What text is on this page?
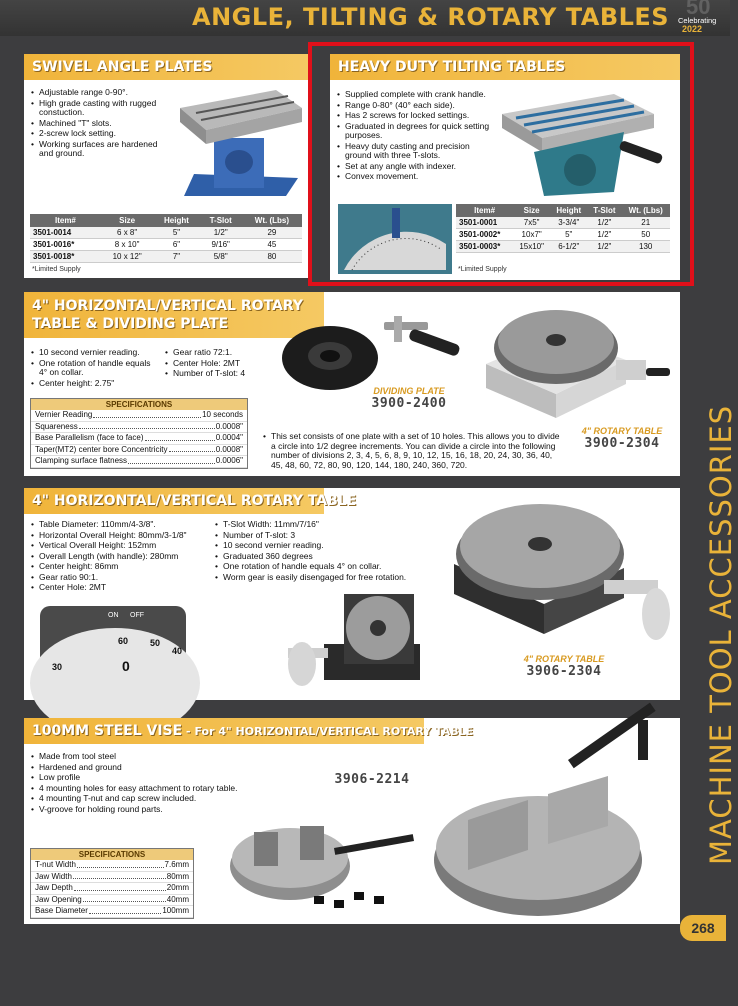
ANGLE, TILTING & ROTARY TABLES 50
Celebrating
2022
SWIVEL ANGLE PLATES
• Adjustable range 0-90°.
• High grade casting with rugged constuction.
• Machined "T" slots.
• 2-screw lock setting.
• Working surfaces are hardened and ground.
Item#	Size	Height	T-Slot	Wt. (Lbs)
3501-0014	6 x 8"	5"	1/2"	29
3501-0016*	8 x 10"	6"	9/16"	45
3501-0018*	10 x 12"	7"	5/8"	80
*Limited Supply
HEAVY DUTY TILTING TABLES
• Supplied complete with crank handle.
• Range 0-80° (40° each side).
• Has 2 screws for locked settings.
• Graduated in degrees for quick setting purposes.
• Heavy duty casting and precision ground with three T-slots.
• Set at any angle with indexer.
• Convex movement.
Item#	Size	Height	T-Slot	Wt. (Lbs)
3501-0001	7x5"	3-3/4"	1/2"	21
3501-0002*	10x7"	5"	1/2"	50
3501-0003*	15x10"	6-1/2"	1/2"	130
*Limited Supply
4" HORIZONTAL/VERTICAL ROTARY TABLE & DIVIDING PLATE
• 10 second vernier reading.
• One rotation of handle equals 4° on collar.
• Center height: 2.75"
• Gear ratio 72:1.
• Center Hole: 2MT
• Number of T-slot: 4
SPECIFICATIONS
Vernier Reading	10 seconds
Squareness	0.0008"
Base Parallelism (face to face)	0.0004"
Taper(MT2) center bore Concentricity	0.0008"
Clamping surface flatness	0.0006"
DIVIDING PLATE
3900-2400
4" ROTARY TABLE
3900-2304
• This set consists of one plate with a set of 10 holes. This allows you to divide a circle into 1/2 degree increments. You can divide a circle into the following number of divisions 2, 3, 4, 5, 6, 8, 9, 10, 12, 15, 16, 18, 20, 24, 30, 36, 40, 45, 48, 60, 72, 80, 90, 120, 144, 180, 240, 360, 720.
4" HORIZONTAL/VERTICAL ROTARY TABLE
• Table Diameter: 110mm/4-3/8".
• Horizontal Overall Height: 80mm/3-1/8"
• Vertical Overall Height: 152mm
• Overall Length (with handle): 280mm
• Center height: 86mm
• Gear ratio 90:1.
• Center Hole: 2MT
• T-Slot Width: 11mm/7/16"
• Number of T-slot: 3
• 10 second vernier reading.
• Graduated 360 degrees
• One rotation of handle equals 4° on collar.
• Worm gear is easily disengaged for free rotation.
ON OFF
60 50
40
30	0	4" ROTARY TABLE
3906-2304
100MM STEEL VISE - For 4" HORIZONTAL/VERTICAL ROTARY TABLE
• Made from tool steel
• Hardened and ground
• Low profile
• 4 mounting holes for easy attachment to rotary table.
• 4 mounting T-nut and cap screw included.
• V-groove for holding round parts.
3906-2214
SPECIFICATIONS
T-nut Width	7.6mm
Jaw Width	80mm
Jaw Depth	20mm
Jaw Opening	40mm
Base Diameter	100mm
MACHINE TOOL ACCESSORIES
268
